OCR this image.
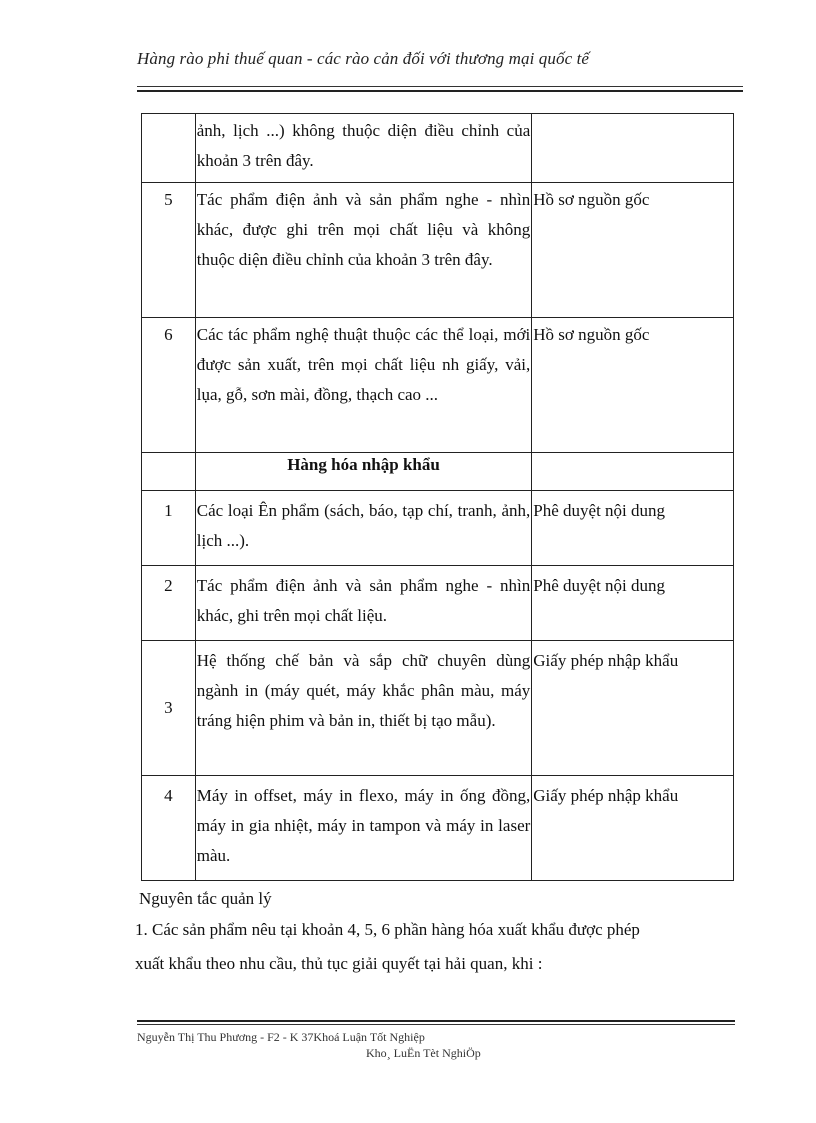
Hàng rào phi thuế quan - các rào cản đối với thương mại quốc tế

	ảnh, lịch ...) không thuộc diện điều chỉnh của khoản 3 trên đây.	

5	Tác phẩm điện ảnh và sản phẩm nghe - nhìn khác, được ghi trên mọi chất liệu và không thuộc diện điều chỉnh của khoản 3 trên đây.	Hồ sơ nguồn gốc

6	Các tác phẩm nghệ thuật thuộc các thể loại, mới được sản xuất, trên mọi chất liệu nh giấy, vải, lụa, gỗ, sơn mài, đồng, thạch cao ...	Hồ sơ nguồn gốc

	Hàng hóa nhập khẩu	

1	Các loại Ên phẩm (sách, báo, tạp chí, tranh, ảnh, lịch ...).	Phê duyệt nội dung

2	Tác phẩm điện ảnh và sản phẩm nghe - nhìn khác, ghi trên mọi chất liệu.	Phê duyệt nội dung

3	Hệ thống chế bản và sắp chữ chuyên dùng ngành in (máy quét, máy khắc phân màu, máy tráng hiện phim và bản in, thiết bị tạo mẫu).	Giấy phép nhập khẩu

4	Máy in offset, máy in flexo, máy in ống đồng, máy in gia nhiệt, máy in tampon và máy in laser màu.	Giấy phép nhập khẩu
Nguyên tắc quản lý
1. Các sản phẩm nêu tại khoản 4, 5, 6 phần hàng hóa xuất khẩu được phép
xuất khẩu theo nhu cầu, thủ tục giải quyết tại hải quan, khi :
Nguyễn Thị Thu Phương - F2 - K 37Khoá Luận Tốt Nghiệp
Kho¸ LuËn Tèt NghiÖp
